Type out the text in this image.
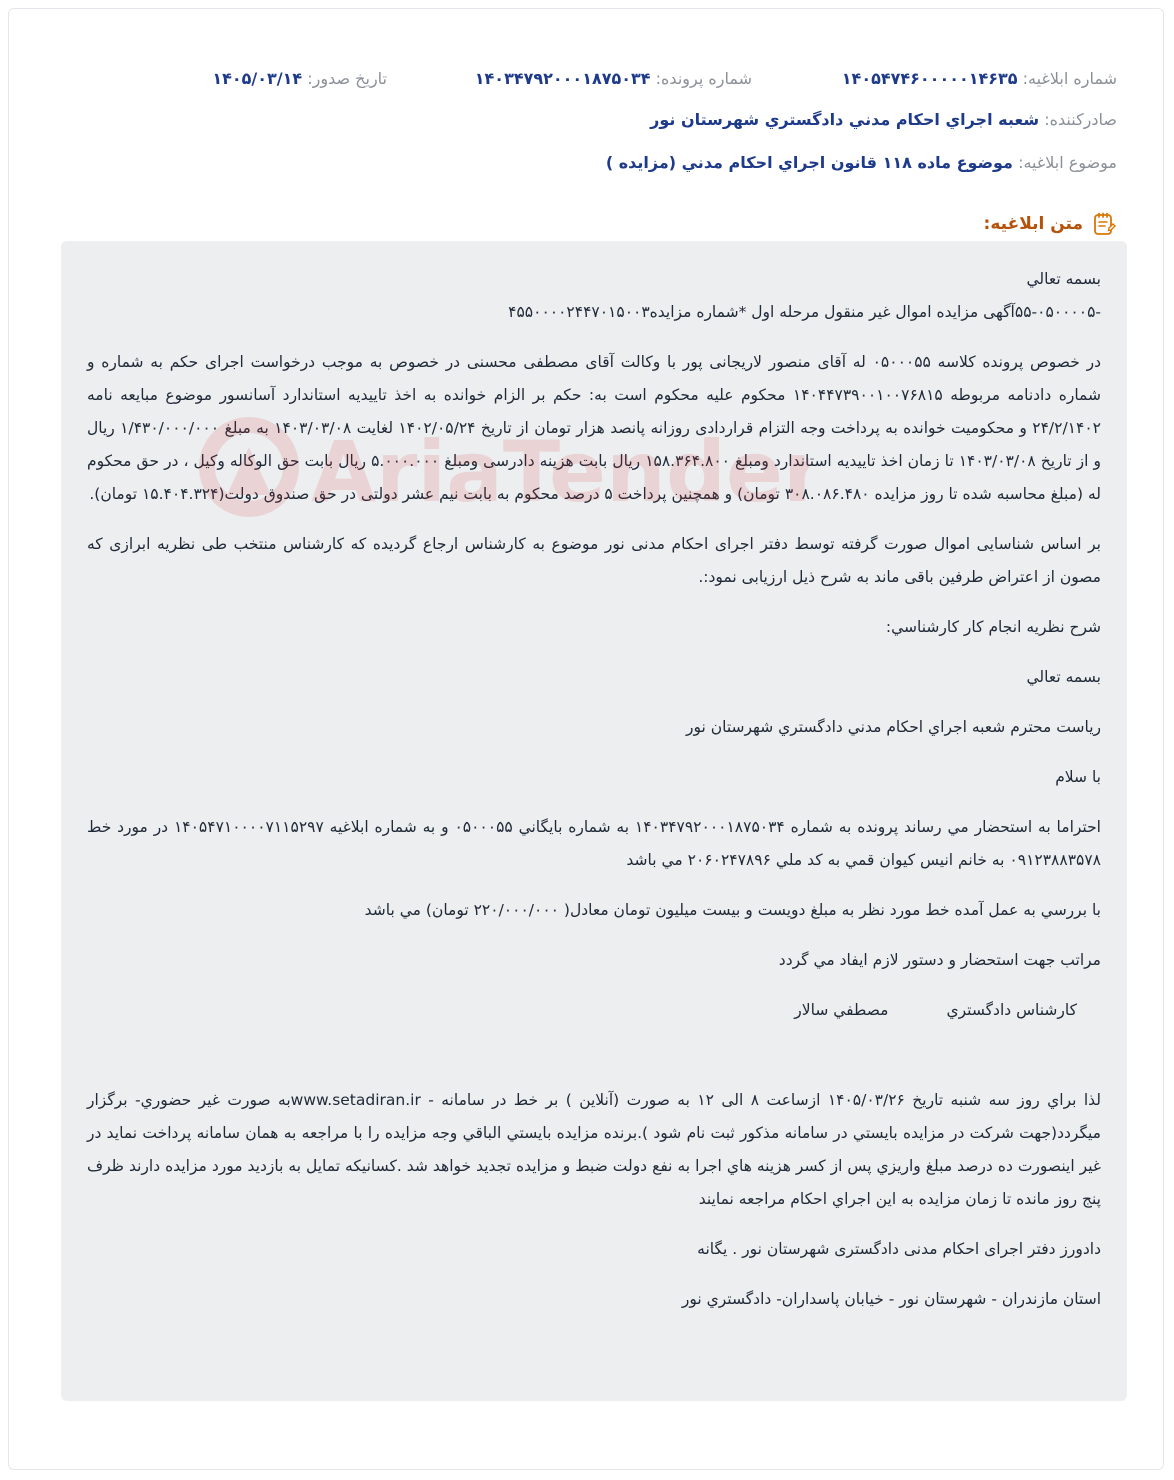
شماره ابلاغیه: ۱۴۰۵۴۷۴۶۰۰۰۰۰۱۴۶۳۵
شماره پرونده: ۱۴۰۳۴۷۹۲۰۰۰۱۸۷۵۰۳۴
تاریخ صدور: ۱۴۰۵/۰۳/۱۴
صادرکننده: شعبه اجراي احکام مدني دادگستري شهرستان نور
موضوع ابلاغیه: موضوع ماده ۱۱۸ قانون اجراي احكام مدني (مزايده )
متن ابلاغیه:

بسمه تعالي

-۵۵-۰۵۰۰۰۰۵آگهی مزایده اموال غیر منقول مرحله اول *شماره مزایده۴۵۵۰۰۰۰۲۴۴۷۰۱۵۰۰۳

در خصوص پرونده کلاسه ۰۵۰۰۰۵۵ له آقای منصور لاریجانی پور با وکالت آقای مصطفی محسنی در خصوص به موجب درخواست اجرای حکم به شماره و شماره دادنامه مربوطه ۱۴۰۴۴۷۳۹۰۰۱۰۰۷۶۸۱۵ محکوم علیه محکوم است به: حکم بر الزام خوانده به اخذ تاییدیه استاندارد آسانسور موضوع مبایعه نامه ۲۴/۲/۱۴۰۲ و محکومیت خوانده به پرداخت وجه التزام قراردادی روزانه پانصد هزار تومان از تاریخ ۱۴۰۲/۰۵/۲۴ لغایت ۱۴۰۳/۰۳/۰۸ به مبلغ ۱/۴۳۰/۰۰۰/۰۰۰ ریال و از تاریخ ۱۴۰۳/۰۳/۰۸ تا زمان اخذ تاییدیه استاندارد ومبلغ ۱۵۸.۳۶۴.۸۰۰ ریال بابت هزینه دادرسی ومبلغ ۵.۰۰۰.۰۰۰ ریال بابت حق الوکاله وکیل ، در حق محکوم له (مبلغ محاسبه شده تا روز مزایده ۳۰۸.۰۸۶.۴۸۰ تومان) و همچنین پرداخت ۵ درصد محکوم به بابت نیم عشر دولتی در حق صندوق دولت(۱۵.۴۰۴.۳۲۴ تومان).

بر اساس شناسایی اموال صورت گرفته توسط دفتر اجرای احکام مدنی نور موضوع به کارشناس ارجاع گردیده که کارشناس منتخب طی نظریه ابرازی که مصون از اعتراض طرفین باقی ماند به شرح ذیل ارزیابی نمود:.

شرح نظریه انجام کار کارشناسي:

بسمه تعالي

رياست محترم شعبه اجراي احکام مدني دادگستري شهرستان نور

با سلام

احتراما به استحضار مي رساند پرونده به شماره ۱۴۰۳۴۷۹۲۰۰۰۱۸۷۵۰۳۴ به شماره بايگاني ۰۵۰۰۰۵۵ و به شماره ابلاغيه ۱۴۰۵۴۷۱۰۰۰۰۷۱۱۵۲۹۷ در مورد خط ۰۹۱۲۳۸۸۳۵۷۸ به خانم انيس کيوان قمي به کد ملي ۲۰۶۰۲۴۷۸۹۶ مي باشد

با بررسي به عمل آمده خط مورد نظر به مبلغ دويست و بيست ميليون تومان معادل( ۲۲۰/۰۰۰/۰۰۰ تومان) مي باشد

مراتب جهت استحضار و دستور لازم ايفاد مي گردد

کارشناس دادگستري
مصطفي سالار

لذا براي روز سه شنبه تاريخ ۱۴۰۵/۰۳/۲۶ ازساعت ۸ الی ۱۲ به صورت (آنلاين ) بر خط در سامانه - www.setadiran.irبه صورت غير حضوري- برگزار ميگردد(جهت شرکت در مزايده بايستي در سامانه مذکور ثبت نام شود ).برنده مزايده بايستي الباقي وجه مزايده را با مراجعه به همان سامانه پرداخت نمايد در غير اينصورت ده درصد مبلغ واريزي پس از کسر هزينه هاي اجرا به نفع دولت ضبط و مزايده تجديد خواهد شد .کسانيکه تمايل به بازديد مورد مزايده دارند ظرف پنج روز مانده تا زمان مزايده به اين اجراي احکام مراجعه نمايند

دادورز دفتر اجرای احکام مدنی دادگستری شهرستان نور . يگانه

استان مازندران - شهرستان نور - خيابان پاسداران- دادگستري نور
